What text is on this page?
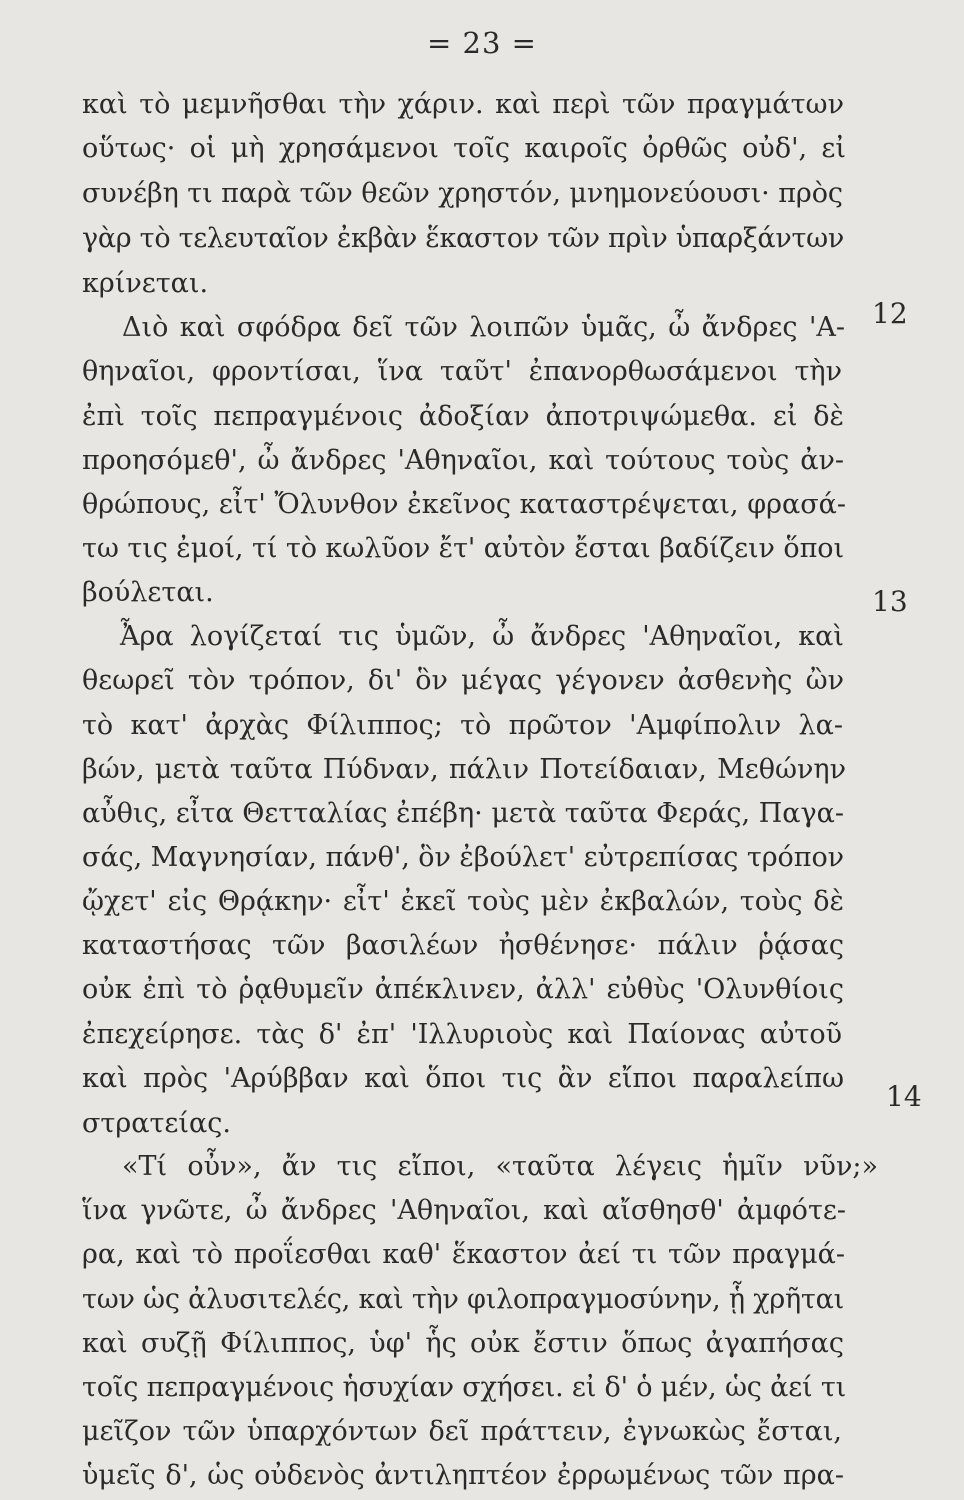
= 23 =
καὶ τὸ μεμνῆσθαι τὴν χάριν. καὶ περὶ τῶν πραγμάτων
οὕτως· οἱ μὴ χρησάμενοι τοῖς καιροῖς ὀρθῶς οὐδ', εἰ
συνέβη τι παρὰ τῶν θεῶν χρηστόν, μνημονεύουσι· πρὸς
γὰρ τὸ τελευταῖον ἐκβὰν ἕκαστον τῶν πρὶν ὑπαρξάντων
κρίνεται.
Διὸ καὶ σφόδρα δεῖ τῶν λοιπῶν ὑμᾶς, ὦ ἄνδρες 'Α- 12
θηναῖοι, φροντίσαι, ἵνα ταῦτ' ἐπανορθωσάμενοι τὴν
ἐπὶ τοῖς πεπραγμένοις ἀδοξίαν ἀποτριψώμεθα. εἰ δὲ
προησόμεθ', ὦ ἄνδρες 'Αθηναῖοι, καὶ τούτους τοὺς ἀν-
θρώπους, εἶτ' Ὄλυνθον ἐκεῖνος καταστρέψεται, φρασά-
τω τις ἐμοί, τί τὸ κωλῦον ἔτ' αὐτὸν ἔσται βαδίζειν ὅποι
βούλεται.
Ἆρα λογίζεταί τις ὑμῶν, ὦ ἄνδρες 'Αθηναῖοι, καὶ
13
θεωρεῖ τὸν τρόπον, δι' ὃν μέγας γέγονεν ἀσθενὴς ὢν
τὸ κατ' ἀρχὰς Φίλιππος; τὸ πρῶτον 'Αμφίπολιν λα-
βών, μετὰ ταῦτα Πύδναν, πάλιν Ποτείδαιαν, Μεθώνην
αὖθις, εἶτα Θετταλίας ἐπέβη· μετὰ ταῦτα Φεράς, Παγα-
σάς, Μαγνησίαν, πάνθ', ὃν ἐβούλετ' εὐτρεπίσας τρόπον
ᾤχετ' εἰς Θρᾴκην· εἶτ' ἐκεῖ τοὺς μὲν ἐκβαλών, τοὺς δὲ
καταστήσας τῶν βασιλέων ἠσθένησε· πάλιν ῥᾴσας
οὐκ ἐπὶ τὸ ῥᾳθυμεῖν ἀπέκλινεν, ἀλλ' εὐθὺς 'Ολυνθίοις
ἐπεχείρησε. τὰς δ' ἐπ' 'Ιλλυριοὺς καὶ Παίονας αὐτοῦ
καὶ πρὸς 'Αρύββαν καὶ ὅποι τις ἂν εἴποι παραλείπω
στρατείας.
«Τί οὖν», ἄν τις εἴποι, «ταῦτα λέγεις ἡμῖν νῦν;»
14
ἵνα γνῶτε, ὦ ἄνδρες 'Αθηναῖοι, καὶ αἴσθησθ' ἀμφότε-
ρα, καὶ τὸ προΐεσθαι καθ' ἕκαστον ἀεί τι τῶν πραγμά-
των ὡς ἀλυσιτελές, καὶ τὴν φιλοπραγμοσύνην, ᾗ χρῆται
καὶ συζῇ Φίλιππος, ὑφ' ἧς οὐκ ἔστιν ὅπως ἀγαπήσας
τοῖς πεπραγμένοις ἡσυχίαν σχήσει. εἰ δ' ὁ μέν, ὡς ἀεί τι
μεῖζον τῶν ὑπαρχόντων δεῖ πράττειν, ἐγνωκὼς ἔσται,
ὑμεῖς δ', ὡς οὐδενὸς ἀντιληπτέον ἐρρωμένως τῶν πρα-
